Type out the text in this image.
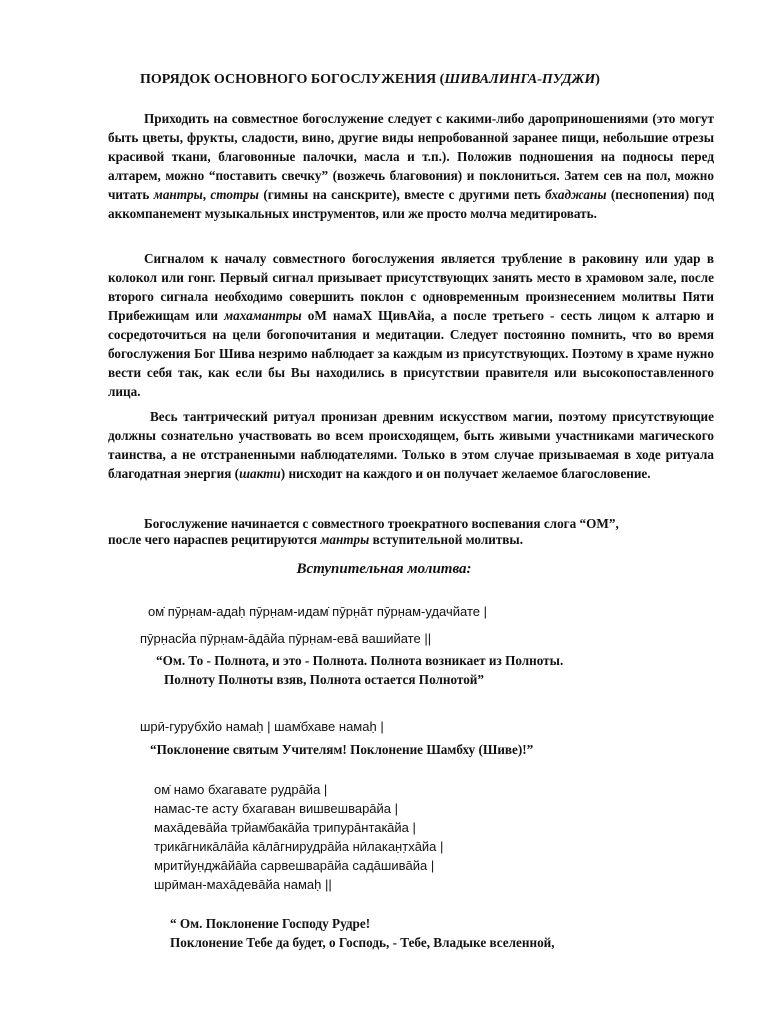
ПОРЯДОК ОСНОВНОГО БОГОСЛУЖЕНИЯ (ШИВАЛИНГА-ПУДЖИ)

Приходить на совместное богослужение следует с какими-либо дароприношениями (это могут быть цветы, фрукты, сладости, вино, другие виды непробованной заранее пищи, небольшие отрезы красивой ткани, благовонные палочки, масла и т.п.). Положив подношения на подносы перед алтарем, можно “поставить свечку” (возжечь благовония) и поклониться. Затем сев на пол, можно читать мантры, стотры (гимны на санскрите), вместе с другими петь бхаджаны (песнопения) под аккомпанемент музыкальных инструментов, или же просто молча медитировать.

Сигналом к началу совместного богослужения является трубление в раковину или удар в колокол или гонг. Первый сигнал призывает присутствующих занять место в храмовом зале, после второго сигнала необходимо совершить поклон с одновременным произнесением молитвы Пяти Прибежищам или махамантры оМ намаХ ЩивАйа, а после третьего - сесть лицом к алтарю и сосредоточиться на цели богопочитания и медитации. Следует постоянно помнить, что во время богослужения Бог Шива незримо наблюдает за каждым из присутствующих. Поэтому в храме нужно вести себя так, как если бы Вы находились в присутствии правителя или высокопоставленного лица.

Весь тантрический ритуал пронизан древним искусством магии, поэтому присутствующие должны сознательно участвовать во всем происходящем, быть живыми участниками магического таинства, а не отстраненными наблюдателями. Только в этом случае призываемая в ходе ритуала благодатная энергия (шакти) нисходит на каждого и он получает желаемое благословение.

Богослужение начинается с совместного троекратного воспевания слога “ОМ”,
после чего нараспев рецитируются мантры вступительной молитвы.
Вступительная молитва:
ом̇ пӯрн̣ам-адаḥ пӯрн̣ам-идам̇ пӯрн̣āт пӯрн̣ам-удачйате |
пӯрн̣асйа пӯрн̣ам-āдāйа пӯрн̣ам-евā вашийате ||
“Ом. То - Полнота, и это - Полнота. Полнота возникает из Полноты.
Полноту Полноты взяв, Полнота остается Полнотой”
шрӣ-гурубхйо намаḥ | шам̇бхаве намаḥ |
“Поклонение святым Учителям! Поклонение Шамбху (Шиве)!”
ом̇ намо бхагавате рудрāйа |
намас-те асту бхагаван вишвешварāйа |
махāдевāйа трйам̇бакāйа трипурāнтакāйа |
трикāгникāлāйа кāлāгнирудрāйа нӣлакан̣т̣хāйа |
мритйун̣джāйāйа сарвешварāйа садāшивāйа |
шрӣман-махāдевāйа намаḥ ||
“ Ом. Поклонение Господу Рудре!
Поклонение Тебе да будет, о Господь, - Тебе, Владыке вселенной,
